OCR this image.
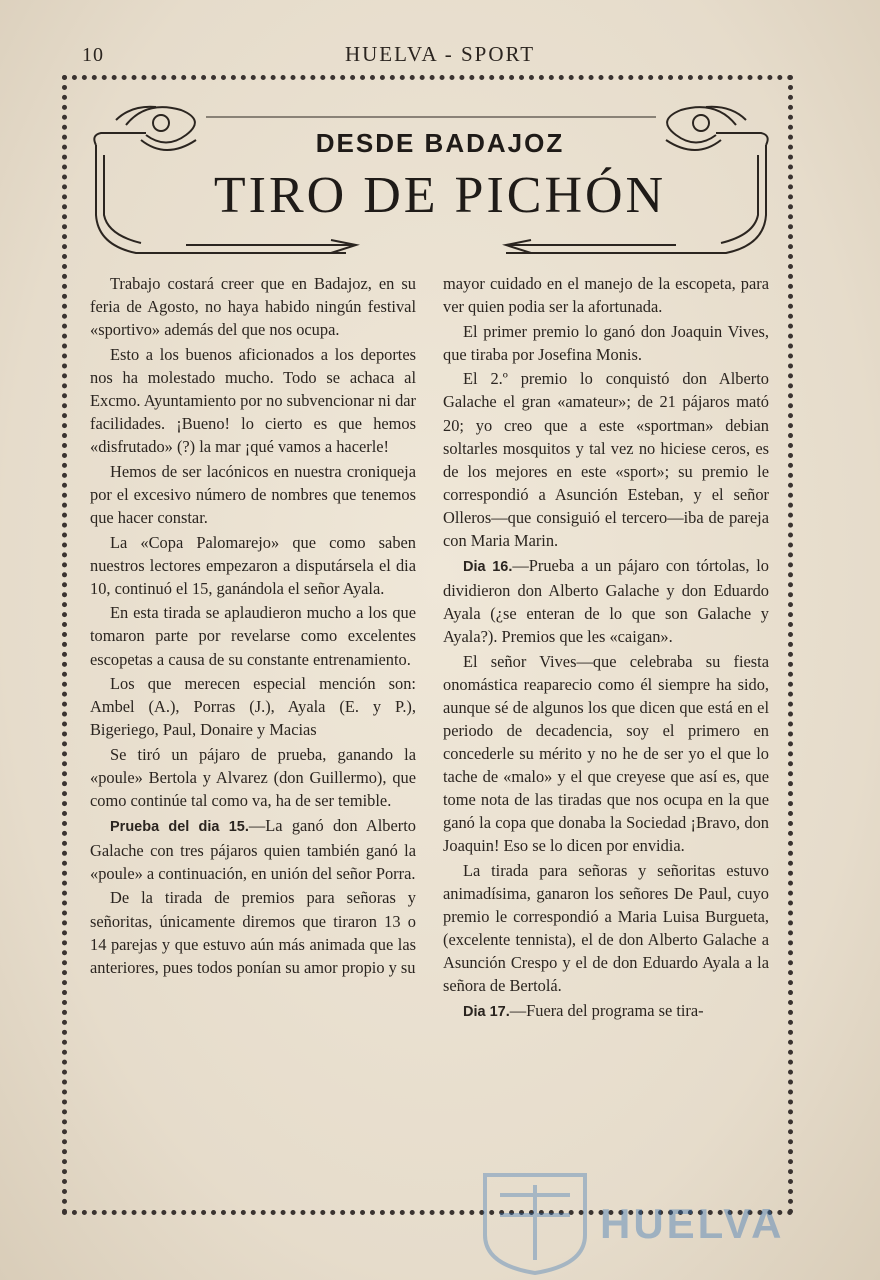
10	HUELVA - SPORT
DESDE BADAJOZ
TIRO DE PICHÓN

Trabajo costará creer que en Badajoz, en su feria de Agosto, no haya habido ningún festival «sportivo» además del que nos ocupa.

Esto a los buenos aficionados a los deportes nos ha molestado mucho. Todo se achaca al Excmo. Ayuntamiento por no subvencionar ni dar facilidades. ¡Bueno! lo cierto es que hemos «disfrutado» (?) la mar ¡qué vamos a hacerle!

Hemos de ser lacónicos en nuestra croniqueja por el excesivo número de nombres que tenemos que hacer constar.

La «Copa Palomarejo» que como saben nuestros lectores empezaron a disputársela el dia 10, continuó el 15, ganándola el señor Ayala.

En esta tirada se aplaudieron mucho a los que tomaron parte por revelarse como excelentes escopetas a causa de su constante entrenamiento.

Los que merecen especial mención son: Ambel (A.), Porras (J.), Ayala (E. y P.), Bigeriego, Paul, Donaire y Macias

Se tiró un pájaro de prueba, ganando la «poule» Bertola y Alvarez (don Guillermo), que como continúe tal como va, ha de ser temible.

Prueba del dia 15.—La ganó don Alberto Galache con tres pájaros quien también ganó la «poule» a continuación, en unión del señor Porra.

De la tirada de premios para señoras y señoritas, únicamente diremos que tiraron 13 o 14 parejas y que estuvo aún más animada que las anteriores, pues todos ponían su amor propio y su

mayor cuidado en el manejo de la escopeta, para ver quien podia ser la afortunada.

El primer premio lo ganó don Joaquin Vives, que tiraba por Josefina Monis.

El 2.º premio lo conquistó don Alberto Galache el gran «amateur»; de 21 pájaros mató 20; yo creo que a este «sportman» debian soltarles mosquitos y tal vez no hiciese ceros, es de los mejores en este «sport»; su premio le correspondió a Asunción Esteban, y el señor Olleros—que consiguió el tercero—iba de pareja con Maria Marin.

Dia 16.—Prueba a un pájaro con tórtolas, lo dividieron don Alberto Galache y don Eduardo Ayala (¿se enteran de lo que son Galache y Ayala?). Premios que les «caigan».

El señor Vives—que celebraba su fiesta onomástica reaparecio como él siempre ha sido, aunque sé de algunos los que dicen que está en el periodo de decadencia, soy el primero en concederle su mérito y no he de ser yo el que lo tache de «malo» y el que creyese que así es, que tome nota de las tiradas que nos ocupa en la que ganó la copa que donaba la Sociedad ¡Bravo, don Joaquin! Eso se lo dicen por envidia.

La tirada para señoras y señoritas estuvo animadísima, ganaron los señores De Paul, cuyo premio le correspondió a Maria Luisa Burgueta, (excelente tennista), el de don Alberto Galache a Asunción Crespo y el de don Eduardo Ayala a la señora de Bertolá.

Dia 17.—Fuera del programa se tira-

HUELVA
